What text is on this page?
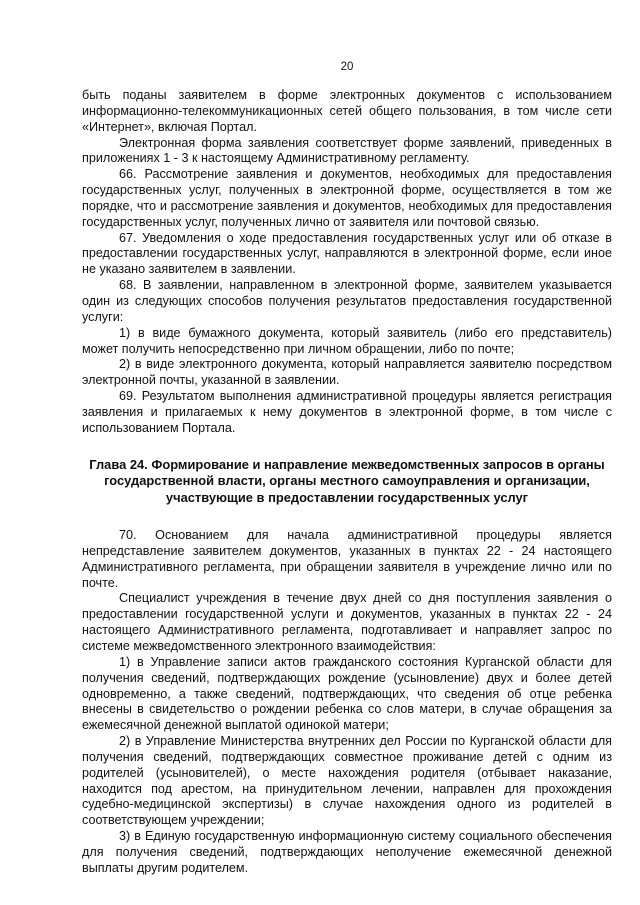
20

быть поданы заявителем в форме электронных документов с использованием информационно-телекоммуникационных сетей общего пользования, в том числе сети «Интернет», включая Портал.

Электронная форма заявления соответствует форме заявлений, приведенных в приложениях 1 - 3 к настоящему Административному регламенту.

66. Рассмотрение заявления и документов, необходимых для предоставления государственных услуг, полученных в электронной форме, осуществляется в том же порядке, что и рассмотрение заявления и документов, необходимых для предоставления государственных услуг, полученных лично от заявителя или почтовой связью.

67. Уведомления о ходе предоставления государственных услуг или об отказе в предоставлении государственных услуг, направляются в электронной форме, если иное не указано заявителем в заявлении.

68. В заявлении, направленном в электронной форме, заявителем указывается один из следующих способов получения результатов предоставления государственной услуги:

1) в виде бумажного документа, который заявитель (либо его представитель) может получить непосредственно при личном обращении, либо по почте;

2) в виде электронного документа, который направляется заявителю посредством электронной почты, указанной в заявлении.

69. Результатом выполнения административной процедуры является регистрация заявления и прилагаемых к нему документов в электронной форме, в том числе с использованием Портала.

Глава 24. Формирование и направление межведомственных запросов в органы государственной власти, органы местного самоуправления и организации, участвующие в предоставлении государственных услуг

70. Основанием для начала административной процедуры является непредставление заявителем документов, указанных в пунктах 22 - 24 настоящего Административного регламента, при обращении заявителя в учреждение лично или по почте.

Специалист учреждения в течение двух дней со дня поступления заявления о предоставлении государственной услуги и документов, указанных в пунктах 22 - 24 настоящего Административного регламента, подготавливает и направляет запрос по системе межведомственного электронного взаимодействия:

1) в Управление записи актов гражданского состояния Курганской области для получения сведений, подтверждающих рождение (усыновление) двух и более детей одновременно, а также сведений, подтверждающих, что сведения об отце ребенка внесены в свидетельство о рождении ребенка со слов матери, в случае обращения за ежемесячной денежной выплатой одинокой матери;

2) в Управление Министерства внутренних дел России по Курганской области для получения сведений, подтверждающих совместное проживание детей с одним из родителей (усыновителей), о месте нахождения родителя (отбывает наказание, находится под арестом, на принудительном лечении, направлен для прохождения судебно-медицинской экспертизы) в случае нахождения одного из родителей в соответствующем учреждении;

3) в Единую государственную информационную систему социального обеспечения для получения сведений, подтверждающих неполучение ежемесячной денежной выплаты другим родителем.
